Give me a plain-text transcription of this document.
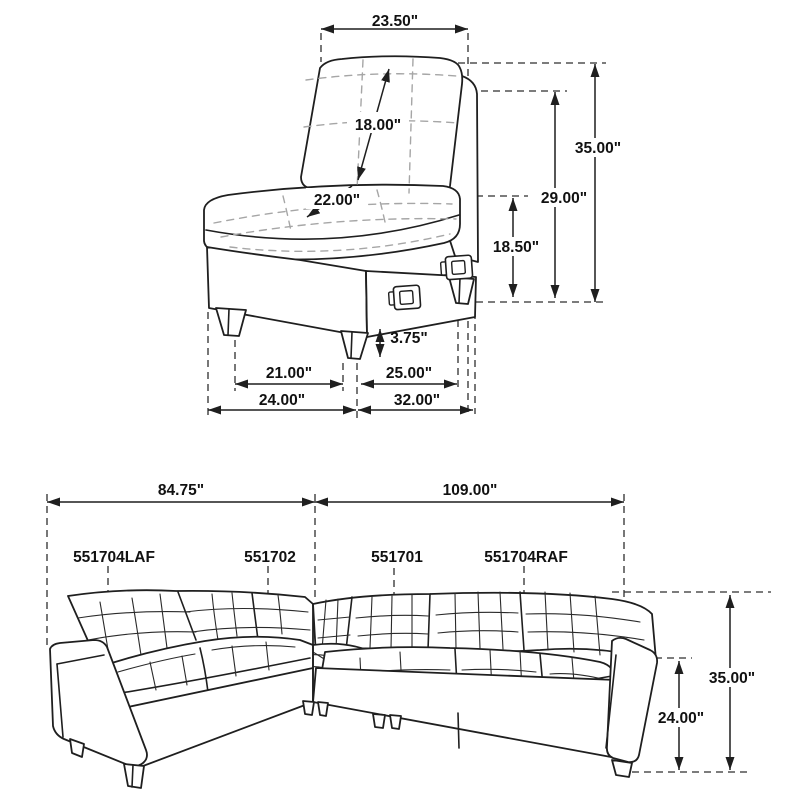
23.50"
18.00"
22.00"
35.00"
29.00"
18.50"
3.75"
21.00"	25.00"
24.00"	32.00"
84.75"	109.00"
35.00"
24.00"
551704LAF	551702	551701	551704RAF
